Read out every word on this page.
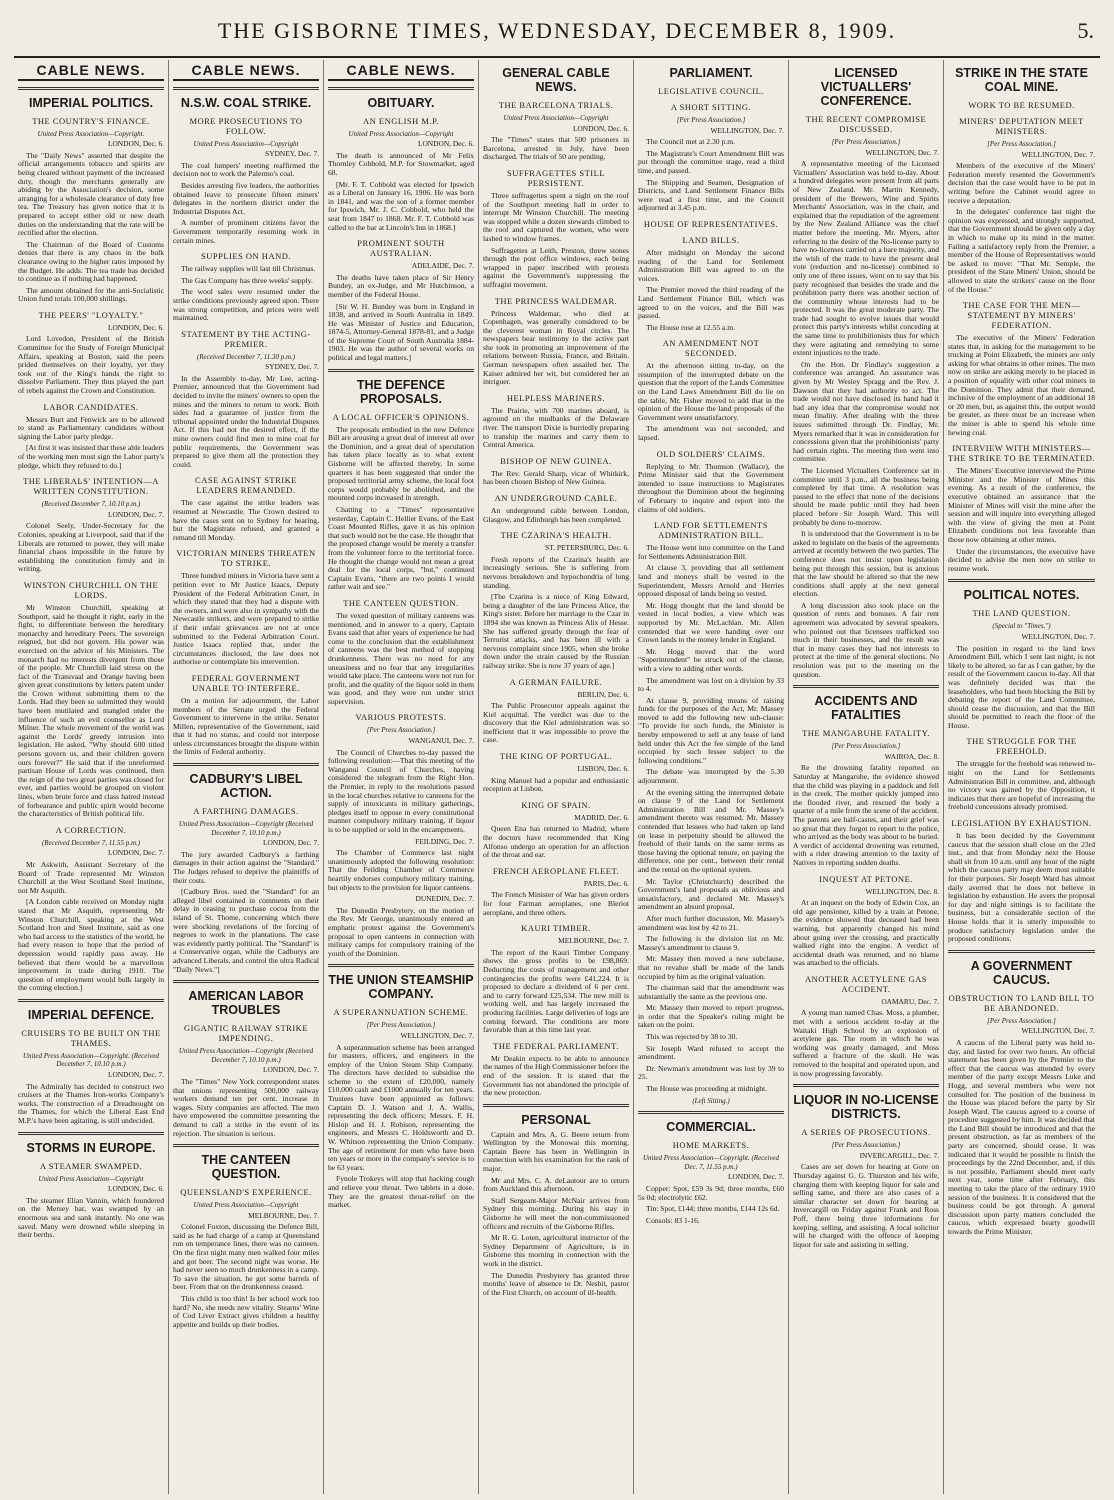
THE GISBORNE TIMES, WEDNESDAY, DECEMBER 8, 1909.	5.
CABLE NEWS.
IMPERIAL POLITICS.
THE COUNTRY'S FINANCE.
United Press Association—Copyright.
LONDON, Dec. 6.
The "Daily News" asserted that despite the official arrangements tobacco and spirits are being cleared without payment of the increased duty, though the merchants generally are abiding by the Association's decision, some arranging for a wholesale clearance of duty free tea. The Treasury has given notice that it is prepared to accept either old or new death duties on the understanding that the rate will be rectified after the election.
The Chairman of the Board of Customs denies that there is any chaos in the bulk clearance owing to the higher rates imposed by the Budget. He adds: The tea trade has decided to continue as if nothing had happened.
The amount obtained for the anti-Socialistic Union fund totals 100,000 shillings.
THE PEERS' "LOYALTY."
LONDON, Dec. 6.
Lord Lovedon, President of the British Committee for the Study of Foreign Municipal Affairs, speaking at Boston, said the peers prided themselves on their loyalty, yet they took out of the King's hands the right to dissolve Parliament. They thus played the part of rebels against the Crown and Constitution.
LABOR CANDIDATES.
Messrs Burt and Fenwick are to be allowed to stand as Parliamentary candidates without signing the Labor party pledge.
[At first it was insisted that these able leaders of the working men must sign the Labor party's pledge, which they refused to do.]
THE LIBERALS' INTENTION—A WRITTEN CONSTITUTION.
(Received December 7, 10.10 p.m.)
LONDON, Dec. 7.
Colonel Seely, Under-Secretary for the Colonies, speaking at Liverpool, said that if the Liberals are returned to power, they will make financial chaos impossible in the future by establishing the constitution firmly and in writing.
WINSTON CHURCHILL ON THE LORDS.
Mr Winston Churchill, speaking at Southport, said he thought it right, early in the fight, to differentiate between the hereditary monarchy and hereditary Peers. The sovereign reigned, but did not govern. His power was exercised on the advice of his Ministers. The monarch had no interests divergent from those of the people. Mr Churchill laid stress on the fact of the Transvaal and Orange having been given great constitutions by letters patent under the Crown without submitting them to the Lords. Had they been so submitted they would have been mutilated and mangled under the influence of such an evil counsellor as Lord Milner. The whole movement of the world was against the Lords' greedy intrusion into legislation. He asked, "Why should 600 titled persons govern us, and their children govern ours forever?" He said that if the unreformed partisan House of Lords was continued, then the reign of the two great parties was closed for ever, and parties would be grouped on violent lines, when brute force and class hatred instead of forbearance and public spirit would become the characteristics of British political life.
A CORRECTION.
(Received December 7, 11.55 p.m.)
LONDON, Dec. 7.
Mr Askwith, Assistant Secretary of the Board of Trade represented Mr Winston Churchill at the West Scotland Steel Institute, not Mr Asquith.
[A London cable received on Monday night stated that Mr Asquith, representing Mr Winston Churchill, speaking at the West Scotland Iron and Steel Institute, said as one who had access to the statistics of the world, he had every reason to hope that the period of depression would rapidly pass away. He believed that there would be a marvellous improvement in trade during 1910. The question of employment would bulk largely in the coming election.]
IMPERIAL DEFENCE.
CRUISERS TO BE BUILT ON THE THAMES.
United Press Association—Copyright. (Received December 7, 10.10 p.m.)
LONDON, Dec. 7.
The Admiralty has decided to construct two cruisers at the Thames Iron-works Company's works. The construction of a Dreadnought on the Thames, for which the Liberal East End M.P.'s have been agitating, is still undecided.
STORMS IN EUROPE.
A STEAMER SWAMPED.
United Press Association—Copyright
LONDON, Dec. 6.
The steamer Elian Vannin, which foundered on the Mersey bar, was swamped by an enormous sea and sank instantly. No one was saved. Many were drowned while sleeping in their berths.
CABLE NEWS.
N.S.W. COAL STRIKE.
MORE PROSECUTIONS TO FOLLOW.
United Press Association—Copyright
SYDNEY, Dec. 7.
The coal lumpers' meeting reaffirmed the decision not to work the Palermo's coal.
Besides arresting five leaders, the authorities obtained leave to prosecute fifteen miners' delegates in the northern district under the Industrial Disputes Act.
A number of prominent citizens favor the Government temporarily resuming work in certain mines.
SUPPLIES ON HAND.
The railway supplies will last till Christmas.
The Gas Company has three weeks' supply.
The wool sales were resumed under the strike conditions previously agreed upon. There was strong competition, and prices were well maintained.
STATEMENT BY THE ACTING-PREMIER.
(Received December 7, 11.30 p.m.)
SYDNEY, Dec. 7.
In the Assembly to-day, Mr Lee, acting-Premier, announced that the Government had decided to invite the miners' owners to open the mines and the miners to return to work. Both sides had a guarantee of justice from the tribunal appointed under the Industrial Disputes Act. If this had not the desired effect, if the mine owners could find men to mine coal for public requirements, the Government was prepared to give them all the protection they could.
CASE AGAINST STRIKE LEADERS REMANDED.
The case against the strike leaders was resumed at Newcastle. The Crown desired to have the cases sent on to Sydney for hearing, but the Magistrate refused, and granted a remand till Monday.
VICTORIAN MINERS THREATEN TO STRIKE.
Three hundred miners in Victoria have sent a petition ever to Mr Justice Isaacs, Deputy President of the Federal Arbitration Court, in which they stated that they had a dispute with the owners, and were also in sympathy with the Newcastle strikers, and were prepared to strike if their unfair grievances are not at once submitted to the Federal Arbitration Court. Justice Isaacs replied that, under the circumstances disclosed, the law does not authorise or contemplate his intervention.
FEDERAL GOVERNMENT UNABLE TO INTERFERE.
On a motion for adjournment, the Labor members of the Senate urged the Federal Government to intervene in the strike. Senator Millen, representative of the Government, said that it had no status, and could not interpose unless circumstances brought the dispute within the limits of Federal authority.
CADBURY'S LIBEL ACTION.
A FARTHING DAMAGES.
United Press Association—Copyright (Received December 7, 10.10 p.m.)
LONDON, Dec. 7.
The jury awarded Cadbury's a farthing damages in their action against the "Standard." The Judges refused to deprive the plaintiffs of their costs.
[Cadbury Bros. sued the "Standard" for an alleged libel contained in comments on their delay in ceasing to purchase cocoa from the island of St. Thome, concerning which there were shocking revelations of the forcing of negroes to work in the plantations. The case was evidently partly political. The "Standard" is a Conservative organ, while the Cadburys are advanced Liberals, and control the ultra Radical "Daily News."]
AMERICAN LABOR TROUBLES
GIGANTIC RAILWAY STRIKE IMPENDING.
United Press Association—Copyright (Received December 7, 10.10 p.m.)
LONDON, Dec. 7.
The "Times" New York correspondent states that unions representing 500,000 railway workers demand ten per cent. increase in wages. Sixty companies are affected. The men have empowered the committee presenting the demand to call a strike in the event of its rejection. The situation is serious.
THE CANTEEN QUESTION.
QUEENSLAND'S EXPERIENCE.
United Press Association—Copyright
MELBOURNE, Dec. 7.
Colonel Foxton, discussing the Defence Bill, said as he had charge of a camp at Queensland run on temperance lines, there was no canteen. On the first night many men walked four miles and got beer. The second night was worse. He had never seen so much drunkenness in a camp. To save the situation, he got some barrels of beer. From that on the drunkenness ceased.
This child is too thin! Is her school work too hard? No, she needs new vitality. Stearns' Wine of Cod Liver Extract gives children a healthy appetite and builds up their bodies.
CABLE NEWS.
OBITUARY.
AN ENGLISH M.P.
United Press Association—Copyright
LONDON, Dec. 6.
The death is announced of Mr Felix Thornley Cobbold, M.P. for Stowmarket, aged 68.
[Mr. F. T. Cobbold was elected for Ipswich as a Liberal on January 16, 1906. He was born in 1841, and was the son of a former member for Ipswich, Mr. J. C. Cobbold, who held the seat from 1847 to 1868. Mr. F. T. Cobbold was called to the bar at Lincoln's Inn in 1868.]
PROMINENT SOUTH AUSTRALIAN.
ADELAIDE, Dec. 7.
The deaths have taken place of Sir Henry Bundey, an ex-Judge, and Mr Hutchinson, a member of the Federal House.
[Sir W. H. Bundey was born in England in 1838, and arrived in South Australia in 1849. He was Minister of Justice and Education, 1874-5, Attorney-General 1878-81, and a Judge of the Supreme Court of South Australia 1884-1903. He was the author of several works on political and legal matters.]
THE DEFENCE PROPOSALS.
A LOCAL OFFICER'S OPINIONS.
The proposals embodied in the new Defence Bill are arousing a great deal of interest all over the Dominion, and a great deal of speculation has taken place locally as to what extent Gisborne will be affected thereby. In some quarters it has been suggested that under the proposed territorial army scheme, the local foot corps would probably be abolished, and the mounted corps increased in strength.
Chatting to a "Times" representative yesterday, Captain C. Hellier Evans, of the East Coast Mounted Rifles, gave it as his opinion that such would not be the case. He thought that the proposed change would be merely a transfer from the volunteer force to the territorial force. He thought the change would not mean a great deal for the local corps, "but," continued Captain Evans, "there are two points I would rather wait and see."
THE CANTEEN QUESTION.
The vexed question of military canteens was mentioned, and in answer to a query, Captain Evans said that after years of experience he had come to the conclusion that the establishment of canteens was the best method of stopping drunkenness. There was no need for any uneasiness and no fear that any irregularities would take place. The canteens were not run for profit, and the quality of the liquor sold in them was good, and they were run under strict supervision.
VARIOUS PROTESTS.
[Per Press Association.]
WANGANUI, Dec. 7.
The Council of Churches to-day passed the following resolution:—That this meeting of the Wanganui Council of Churches, having considered the telegram from the Right Hon. the Premier, in reply to the resolutions passed in the local churches relative to canteens for the supply of intoxicants in military gatherings, pledges itself to oppose in every constitutional manner compulsory military training, if liquor is to be supplied or sold in the encampments.
FEILDING, Dec. 7.
The Chamber of Commerce last night unanimously adopted the following resolution: That the Feilding Chamber of Commerce heartily endorses compulsory military training, but objects to the provision for liquor canteens.
DUNEDIN, Dec. 7.
The Dunedin Presbytery, on the motion of the Rev. Mr George, unanimously entered an emphatic protest against the Government's proposal to open canteens in connection with military camps for compulsory training of the youth of the Dominion.
THE UNION STEAMSHIP COMPANY.
A SUPERANNUATION SCHEME.
[Per Press Association.]
WELLINGTON, Dec. 7.
A superannuation scheme has been arranged for masters, officers, and engineers in the employ of the Union Steam Ship Company. The directors have decided to subsidise the scheme to the extent of £20,000, namely £10,000 cash and £1000 annually for ten years. Trustees have been appointed as follows: Captain D. J. Watson and J. A. Wallis, representing the deck officers; Messrs. F. H. Hislop and H. J. Robison, representing the engineers, and Messrs C. Holdsworth and D. W. Whitson representing the Union Company. The age of retirement for men who have been ten years or more in the company's service is to be 63 years.
Fynole Trokeys will stop that hacking cough and relieve your throat. Two tablets in a dose. They are the greatest throat-relief on the market.
GENERAL CABLE NEWS.
THE BARCELONA TRIALS.
United Press Association—Copyright
LONDON, Dec. 6.
The "Times" states that 500 prisoners in Barcelona, arrested in July, have been discharged. The trials of 50 are pending.
SUFFRAGETTES STILL PERSISTENT.
Three suffragettes spent a night on the roof of the Southport meeting hall in order to interrupt Mr Winston Churchill. The meeting was stopped while a dozen stewards climbed to the roof and captured the women, who were lashed to window frames.
Suffragettes at Leith, Preston, threw stones through the post office windows, each being wrapped in paper inscribed with protests against the Government's suppressing the suffragist movement.
THE PRINCESS WALDEMAR.
Princess Waldemar, who died at Copenhagen, was generally considered to be the cleverest woman in Royal circles. The newspapers bear testimony to the active part she took in promoting an improvement of the relations between Russia, France, and Britain. German newspapers often assailed her. The Kaiser admired her wit, but considered her an intriguer.
HELPLESS MARINERS.
The Prairie, with 700 marines aboard, is aground on the mudbanks of the Delaware river. The transport Dixie is hurriedly preparing to tranship the marines and carry them to Central America.
BISHOP OF NEW GUINEA.
The Rev. Gerald Sharp, vicar of Whitkirk, has been chosen Bishop of New Guinea.
AN UNDERGROUND CABLE.
An underground cable between London, Glasgow, and Edinburgh has been completed.
THE CZARINA'S HEALTH.
ST. PETERSBURG, Dec. 6.
Fresh reports of the Czarina's health are increasingly serious. She is suffering from nervous breakdown and hypochondria of long standing.
[The Czarina is a niece of King Edward, being a daughter of the late Princess Alice, the King's sister. Before her marriage to the Czar in 1894 she was known as Princess Alix of Hesse. She has suffered greatly through the fear of Terrorist attacks, and has been ill with a nervous complaint since 1905, when she broke down under the strain caused by the Russian railway strike. She is now 37 years of age.]
A GERMAN FAILURE.
BERLIN, Dec. 6.
The Public Prosecutor appeals against the Kiel acquittal. The verdict was due to the discovery that the Kiel administration was so inefficient that it was impossible to prove the case.
THE KING OF PORTUGAL.
LISBON, Dec. 6.
King Manuel had a popular and enthusiastic reception at Lisbon.
KING OF SPAIN.
MADRID, Dec. 6.
Queen Ena has returned to Madrid, where the doctors have recommended that King Alfonso undergo an operation for an affection of the throat and ear.
FRENCH AEROPLANE FLEET.
PARIS, Dec. 6.
The French Minister of War has given orders for four Farman aeroplanes, one Bleriot aeroplane, and three others.
KAURI TIMBER.
MELBOURNE, Dec. 7.
The report of the Kauri Timber Company shows the gross profits to be £98,869. Deducting the costs of management and other contingencies the profits were £41,224. It is proposed to declare a dividend of 6 per cent. and to carry forward £25,534. The new mill is working well, and has largely increased the producing facilities. Large deliveries of logs are coming forward. The conditions are more favorable than at this time last year.
THE FEDERAL PARLIAMENT.
Mr Deakin expects to be able to announce the names of the High Commissioner before the end of the session. It is stated that the Government has not abandoned the principle of the new protection.
PERSONAL
Captain and Mrs. A. G. Beere return from Wellington by the Monowai this morning. Captain Beere has been in Wellington in connection with his examination for the rank of major.
Mr and Mrs. C. A. deLautour are to return from Auckland this afternoon.
Staff Sergeant-Major McNair arrives from Sydney this morning. During his stay in Gisborne he will meet the non-commissioned officers and recruits of the Gisborne Rifles.
Mr R. G. Loten, agricultural instructor of the Sydney Department of Agriculture, is in Gisborne this morning in connection with the work in the district.
The Dunedin Presbytery has granted three months' leave of absence to Dr. Nesbit, pastor of the First Church, on account of ill-health.
PARLIAMENT.
LEGISLATIVE COUNCIL.
A SHORT SITTING.
[Per Press Association.]
WELLINGTON, Dec. 7.
The Council met at 2.30 p.m.
The Magistrate's Court Amendment Bill was put through the committee stage, read a third time, and passed.
The Shipping and Seamen, Designation of Districts, and Land Settlement Finance Bills were read a first time, and the Council adjourned at 3.45 p.m.
HOUSE OF REPRESENTATIVES.
LAND BILLS.
After midnight on Monday the second reading of the Land for Settlement Administration Bill was agreed to on the voices.
The Premier moved the third reading of the Land Settlement Finance Bill, which was agreed to on the voices, and the Bill was passed.
The House rose at 12.55 a.m.
AN AMENDMENT NOT SECONDED.
At the afternoon sitting to-day, on the resumption of the interrupted debate on the question that the report of the Lands Committee on the Land Laws Amendment Bill do lie on the table, Mr. Fisher moved to add that in the opinion of the House the land proposals of the Government were unsatisfactory.
The amendment was not seconded, and lapsed.
OLD SOLDIERS' CLAIMS.
Replying to Mr. Thomson (Wallace), the Prime Minister said that the Government intended to issue instructions to Magistrates throughout the Dominion about the beginning of February to inquire and report into the claims of old soldiers.
LAND FOR SETTLEMENTS ADMINISTRATION BILL.
The House went into committee on the Land for Settlements Administration Bill.
At clause 3, providing that all settlement land and moneys shall be vested in the Superintendent, Messrs Arnold and Herries opposed disposal of lands being so vested.
Mr. Hogg thought that the land should be vested in local bodies, a view which was supported by Mr. McLachlan. Mr. Allen contended that we were handing over our Crown lands to the money lender in England.
Mr. Hogg moved that the word "Superintendent" be struck out of the clause, with a view to adding other words.
The amendment was lost on a division by 33 to 4.
At clause 9, providing means of raising funds for the purposes of the Act, Mr. Massey moved to add the following new sub-clause: "To provide for such funds, the Minister is hereby empowered to sell at any lease of land held under this Act the fee simple of the land occupied by such lessee subject to the following conditions."
The debate was interrupted by the 5.30 adjournment.
At the evening sitting the interrupted debate on clause 9 of the Land for Settlement Administration Bill and Mr. Massey's amendment thereto was resumed. Mr. Massey contended that lessees who had taken up land on lease in perpetuity should be allowed the freehold of their lands on the same terms as those having the optional tenure, on paying the difference, one per cent., between their rental and the rental on the optional system.
Mr. Taylor (Christchurch) described the Government's land proposals as oblivious and unsatisfactory, and declared Mr. Massey's amendment an absurd proposal.
After much further discussion, Mr. Massey's amendment was lost by 42 to 21.
The following is the division list on Mr. Massey's amendment to clause 9.
Mr. Massey then moved a new subclause, that no revalue shall be made of the lands occupied by him as the original valuation.
The chairman said that the amendment was substantially the same as the previous one.
Mr. Massey then moved to report progress, in order that the Speaker's ruling might be taken on the point.
This was rejected by 38 to 30.
Sir Joseph Ward refused to accept the amendment.
Dr. Newman's amendment was lost by 39 to 25.
The House was proceeding at midnight.
(Left Sitting.)
COMMERCIAL.
HOME MARKETS.
United Press Association—Copyright. (Received Dec. 7, 11.55 p.m.)
LONDON, Dec. 7.
Copper: Spot, £59 3s 9d; three months, £60 5s 0d; electrolytic £62.
Tin: Spot, £144; three months, £144 12s 6d.
Consols: 83 1-16.
LICENSED VICTUALLERS' CONFERENCE.
THE RECENT COMPROMISE DISCUSSED.
[Per Press Association.]
WELLINGTON, Dec. 7.
A representative meeting of the Licensed Victuallers' Association was held to-day. About a hundred delegates were present from all parts of New Zealand. Mr. Martin Kennedy, president of the Brewers, Wine and Spirits Merchants' Association, was in the chair, and explained that the repudiation of the agreement by the New Zealand Alliance was the chief matter before the meeting. Mr. Myers, after referring to the desire of the No-license party to have no-licenses carried on a bare majority, and the wish of the trade to have the present deal vote (reduction and no-license) combined to only one of three issues, went on to say that his party recognised that besides the trade and the prohibition party there was another section of the community whose interests had to be protected. It was the great moderate party. The trade had sought to evolve issues that would protect this party's interests whilst conceding at the same time to prohibitionists thus for which they were agitating and remedying to some extent injustices to the trade.
On the Hon. Dr Findlay's suggestion a conference was arranged. An assurance was given by Mr Wesley Spragg and the Rev. J. Dawson that they had authority to act. The trade would not have disclosed its hand had it had any idea that the compromise would not mean finality. After dealing with the three issues submitted through Dr. Findlay, Mr. Myers remarked that it was in consideration for concessions given that the prohibitionists' party had certain rights. The meeting then went into committee.
The Licensed Victuallers Conference sat in committee until 3 p.m., all the business being completed by that time. A resolution was passed to the effect that none of the decisions should be made public until they had been placed before Sir Joseph Ward. This will probably be done to-morrow.
It is understood that the Government is to be asked to legislate on the basis of the agreements arrived at recently between the two parties. The conference does not insist upon legislation being put through this session, but is anxious that the law should be altered so that the new conditions shall apply at the next general election.
A long discussion also took place on the question of rents and bonuses. A fair rent agreement was advocated by several speakers, who pointed out that licensees trafficked too much in their businesses, and the result was that in many cases they had not interests to protect at the time of the general elections. No resolution was put to the meeting on the question.
ACCIDENTS AND FATALITIES
THE MANGARUHE FATALITY.
[Per Press Association.]
WAIROA, Dec. 8.
Re the drowning fatality reported on Saturday at Mangaruhe, the evidence showed that the child was playing in a paddock and fell in the creek. The mother quickly jumped into the flooded river, and rescued the body a quarter of a mile from the scene of the accident. The parents are half-castes, and their grief was so great that they forgot to report to the police, who arrived as the body was about to be buried. A verdict of accidental drowning was returned, with a rider drawing attention to the laxity of Natives in reporting sudden deaths.
INQUEST AT PETONE.
WELLINGTON, Dec. 8.
At an inquest on the body of Edwin Cox, an old age pensioner, killed by a train at Petone, the evidence showed that deceased had been warning, but apparently changed his mind about going over the crossing, and practically walked right into the engine. A verdict of accidental death was returned, and no blame was attached to the officials.
ANOTHER ACETYLENE GAS ACCIDENT.
OAMARU, Dec. 7.
A young man named Chas. Moss, a plumber, met with a serious accident to-day at the Waitaki High School by an explosion of acetylene gas. The room in which he was working was greatly damaged, and Moss suffered a fracture of the skull. He was removed to the hospital and operated upon, and is now progressing favorably.
LIQUOR IN NO-LICENSE DISTRICTS.
A SERIES OF PROSECUTIONS.
[Per Press Association.]
INVERCARGILL, Dec. 7.
Cases are set down for hearing at Gore on Thursday against G. G. Thurston and his wife, charging them with keeping liquor for sale and selling same, and there are also cases of a similar character set down for hearing at Invercargill on Friday against Frank and Ross Poff, there being three informations for keeping, selling, and assisting. A local solicitor will be charged with the offence of keeping liquor for sale and assisting in selling.
STRIKE IN THE STATE COAL MINE.
WORK TO BE RESUMED.
MINERS' DEPUTATION MEET MINISTERS.
[Per Press Association.]
WELLINGTON, Dec. 7.
Members of the executive of the Miners' Federation merely resented the Government's decision that the case would have to be put in writing before the Cabinet would agree to receive a deputation.
In the delegates' conference last night the opinion was expressed, and strongly supported, that the Government should be given only a day in which to make up its mind in the matter. Failing a satisfactory reply from the Premier, a member of the House of Representatives would be asked to move: "That Mr. Semple, the president of the State Miners' Union, should be allowed to state the strikers' cause on the floor of the House."
THE CASE FOR THE MEN—STATEMENT BY MINERS' FEDERATION.
The executive of the Miners' Federation states that, in asking for the management to be trucking at Point Elizabeth, the miners are only asking for what obtains in other mines. The men now on strike are asking merely to be placed in a position of equality with other coal miners in the Dominion. They admit that their demand, inclusive of the employment of an additional 18 or 20 men, but, as against this, the output would be greater, as there must be an increase when the miner is able to spend his whole time hewing coal.
INTERVIEW WITH MINISTERS—THE STRIKE TO BE TERMINATED.
The Miners' Executive interviewed the Prime Minister and the Minister of Mines this evening. As a result of the conference, the executive obtained an assurance that the Minister of Mines will visit the mine after the session and will inquire into everything alleged with the view of giving the men at Point Elizabeth conditions not less favorable than those now obtaining at other mines.
Under the circumstances, the executive have decided to advise the men now on strike to resume work.
POLITICAL NOTES.
THE LAND QUESTION.
(Special to "Times.")
WELLINGTON, Dec. 7.
The position in regard to the land laws Amendment Bill, which I sent last night, is not likely to be altered, so far as I can gather, by the result of the Government caucus to-day. All that was definitely decided was that the leaseholders, who had been blocking the Bill by debating the report of the Land Committee, should cease the discussion, and that the Bill should be permitted to reach the floor of the House.
THE STRUGGLE FOR THE FREEHOLD.
The struggle for the freehold was renewed to-night on the Land for Settlements Administration Bill in committee, and, although no victory was gained by the Opposition, it indicates that there are hopeful of increasing the freehold concessions already promised.
LEGISLATION BY EXHAUSTION.
It has been decided by the Government caucus that the session shall close on the 23rd inst., and that from Monday next the House shall sit from 10 a.m. until any hour of the night which the caucus party may deem most suitable for their purposes. Sir Joseph Ward has almost daily averred that he does not believe in legislation by exhaustion. He avers the proposal for day and night sittings is to facilitate the business, but a considerable section of the House holds that it is utterly impossible to produce satisfactory legislation under the proposed conditions.
A GOVERNMENT CAUCUS.
OBSTRUCTION TO LAND BILL TO BE ABANDONED.
[Per Press Association.]
WELLINGTON, Dec. 7.
A caucus of the Liberal party was held to-day, and lasted for over two hours. An official statement has been given by the Premier to the effect that the caucus was attended by every member of the party except Messrs Luke and Hogg, and several members who were not consulted for. The position of the business in the House was placed before the party by Sir Joseph Ward. The caucus agreed to a course of procedure suggested by him. It was decided that the Land Bill should be introduced and that the present obstruction, as far as members of the party are concerned, should cease. It was indicated that it would be possible to finish the proceedings by the 22nd December, and, if this is not possible, Parliament should meet early next year, some time after February, this meeting to take the place of the ordinary 1910 session of the business. It is considered that the business could be got through. A general discussion upon party matters concluded the caucus, which expressed hearty goodwill towards the Prime Minister.
